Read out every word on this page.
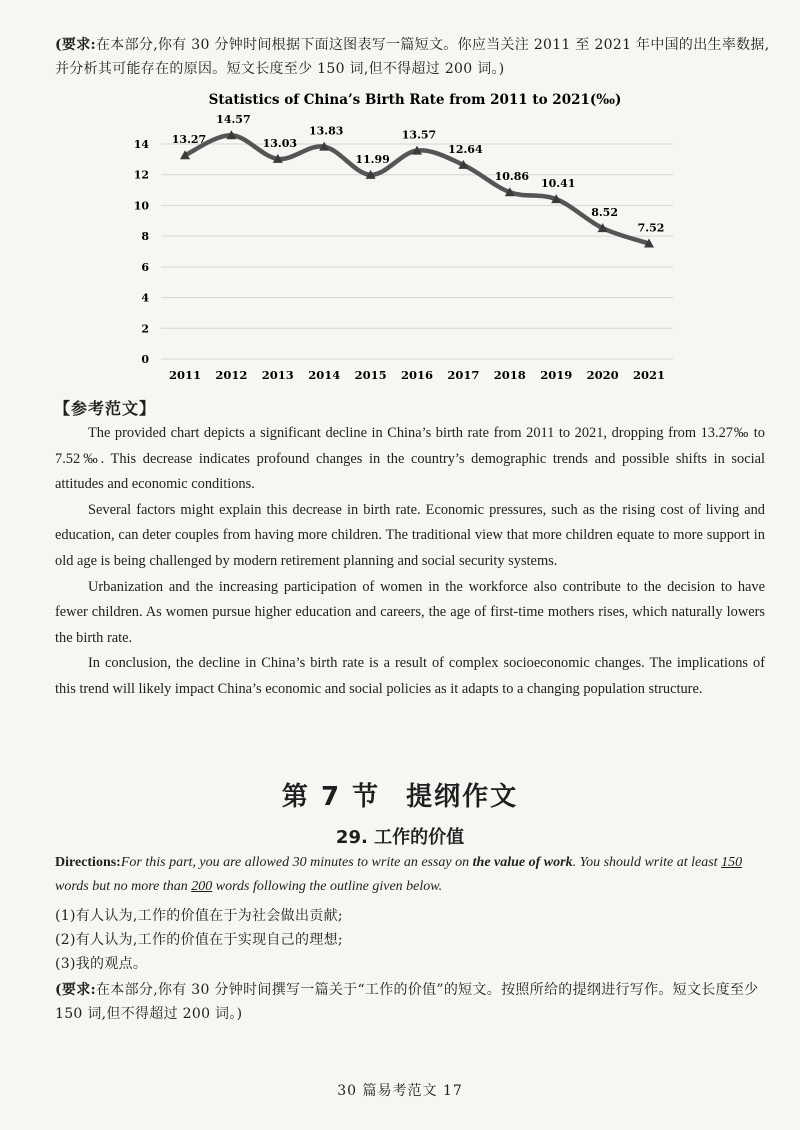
(要求:在本部分,你有 30 分钟时间根据下面这图表写一篇短文。你应当关注 2011 至 2021 年中国的出生率数据,并分析其可能存在的原因。短文长度至少 150 词,但不得超过 200 词。)
Statistics of China’s Birth Rate from 2011 to 2021(‰)
0
2
4
6
8
10
12
14
2011 2012 2013 2014 2015 2016 2017 2018 2019 2020 2021
13.27
14.57
13.03
13.83
11.99
13.57
12.64
10.86
10.41
8.52
7.52
【参考范文】

The provided chart depicts a significant decline in China’s birth rate from 2011 to 2021, dropping from 13.27‰ to 7.52‰. This decrease indicates profound changes in the country’s demographic trends and possible shifts in social attitudes and economic conditions.

Several factors might explain this decrease in birth rate. Economic pressures, such as the rising cost of living and education, can deter couples from having more children. The traditional view that more children equate to more support in old age is being challenged by modern retirement planning and social security systems.

Urbanization and the increasing participation of women in the workforce also contribute to the decision to have fewer children. As women pursue higher education and careers, the age of first-time mothers rises, which naturally lowers the birth rate.

In conclusion, the decline in China’s birth rate is a result of complex socioeconomic changes. The implications of this trend will likely impact China’s economic and social policies as it adapts to a changing population structure.

第 7 节 提纲作文
29. 工作的价值
Directions:For this part, you are allowed 30 minutes to write an essay on the value of work. You should write at least 150 words but no more than 200 words following the outline given below.
(1)有人认为,工作的价值在于为社会做出贡献;
(2)有人认为,工作的价值在于实现自己的理想;
(3)我的观点。
(要求:在本部分,你有 30 分钟时间撰写一篇关于“工作的价值”的短文。按照所给的提纲进行写作。短文长度至少 150 词,但不得超过 200 词。)
30 篇易考范文 17
